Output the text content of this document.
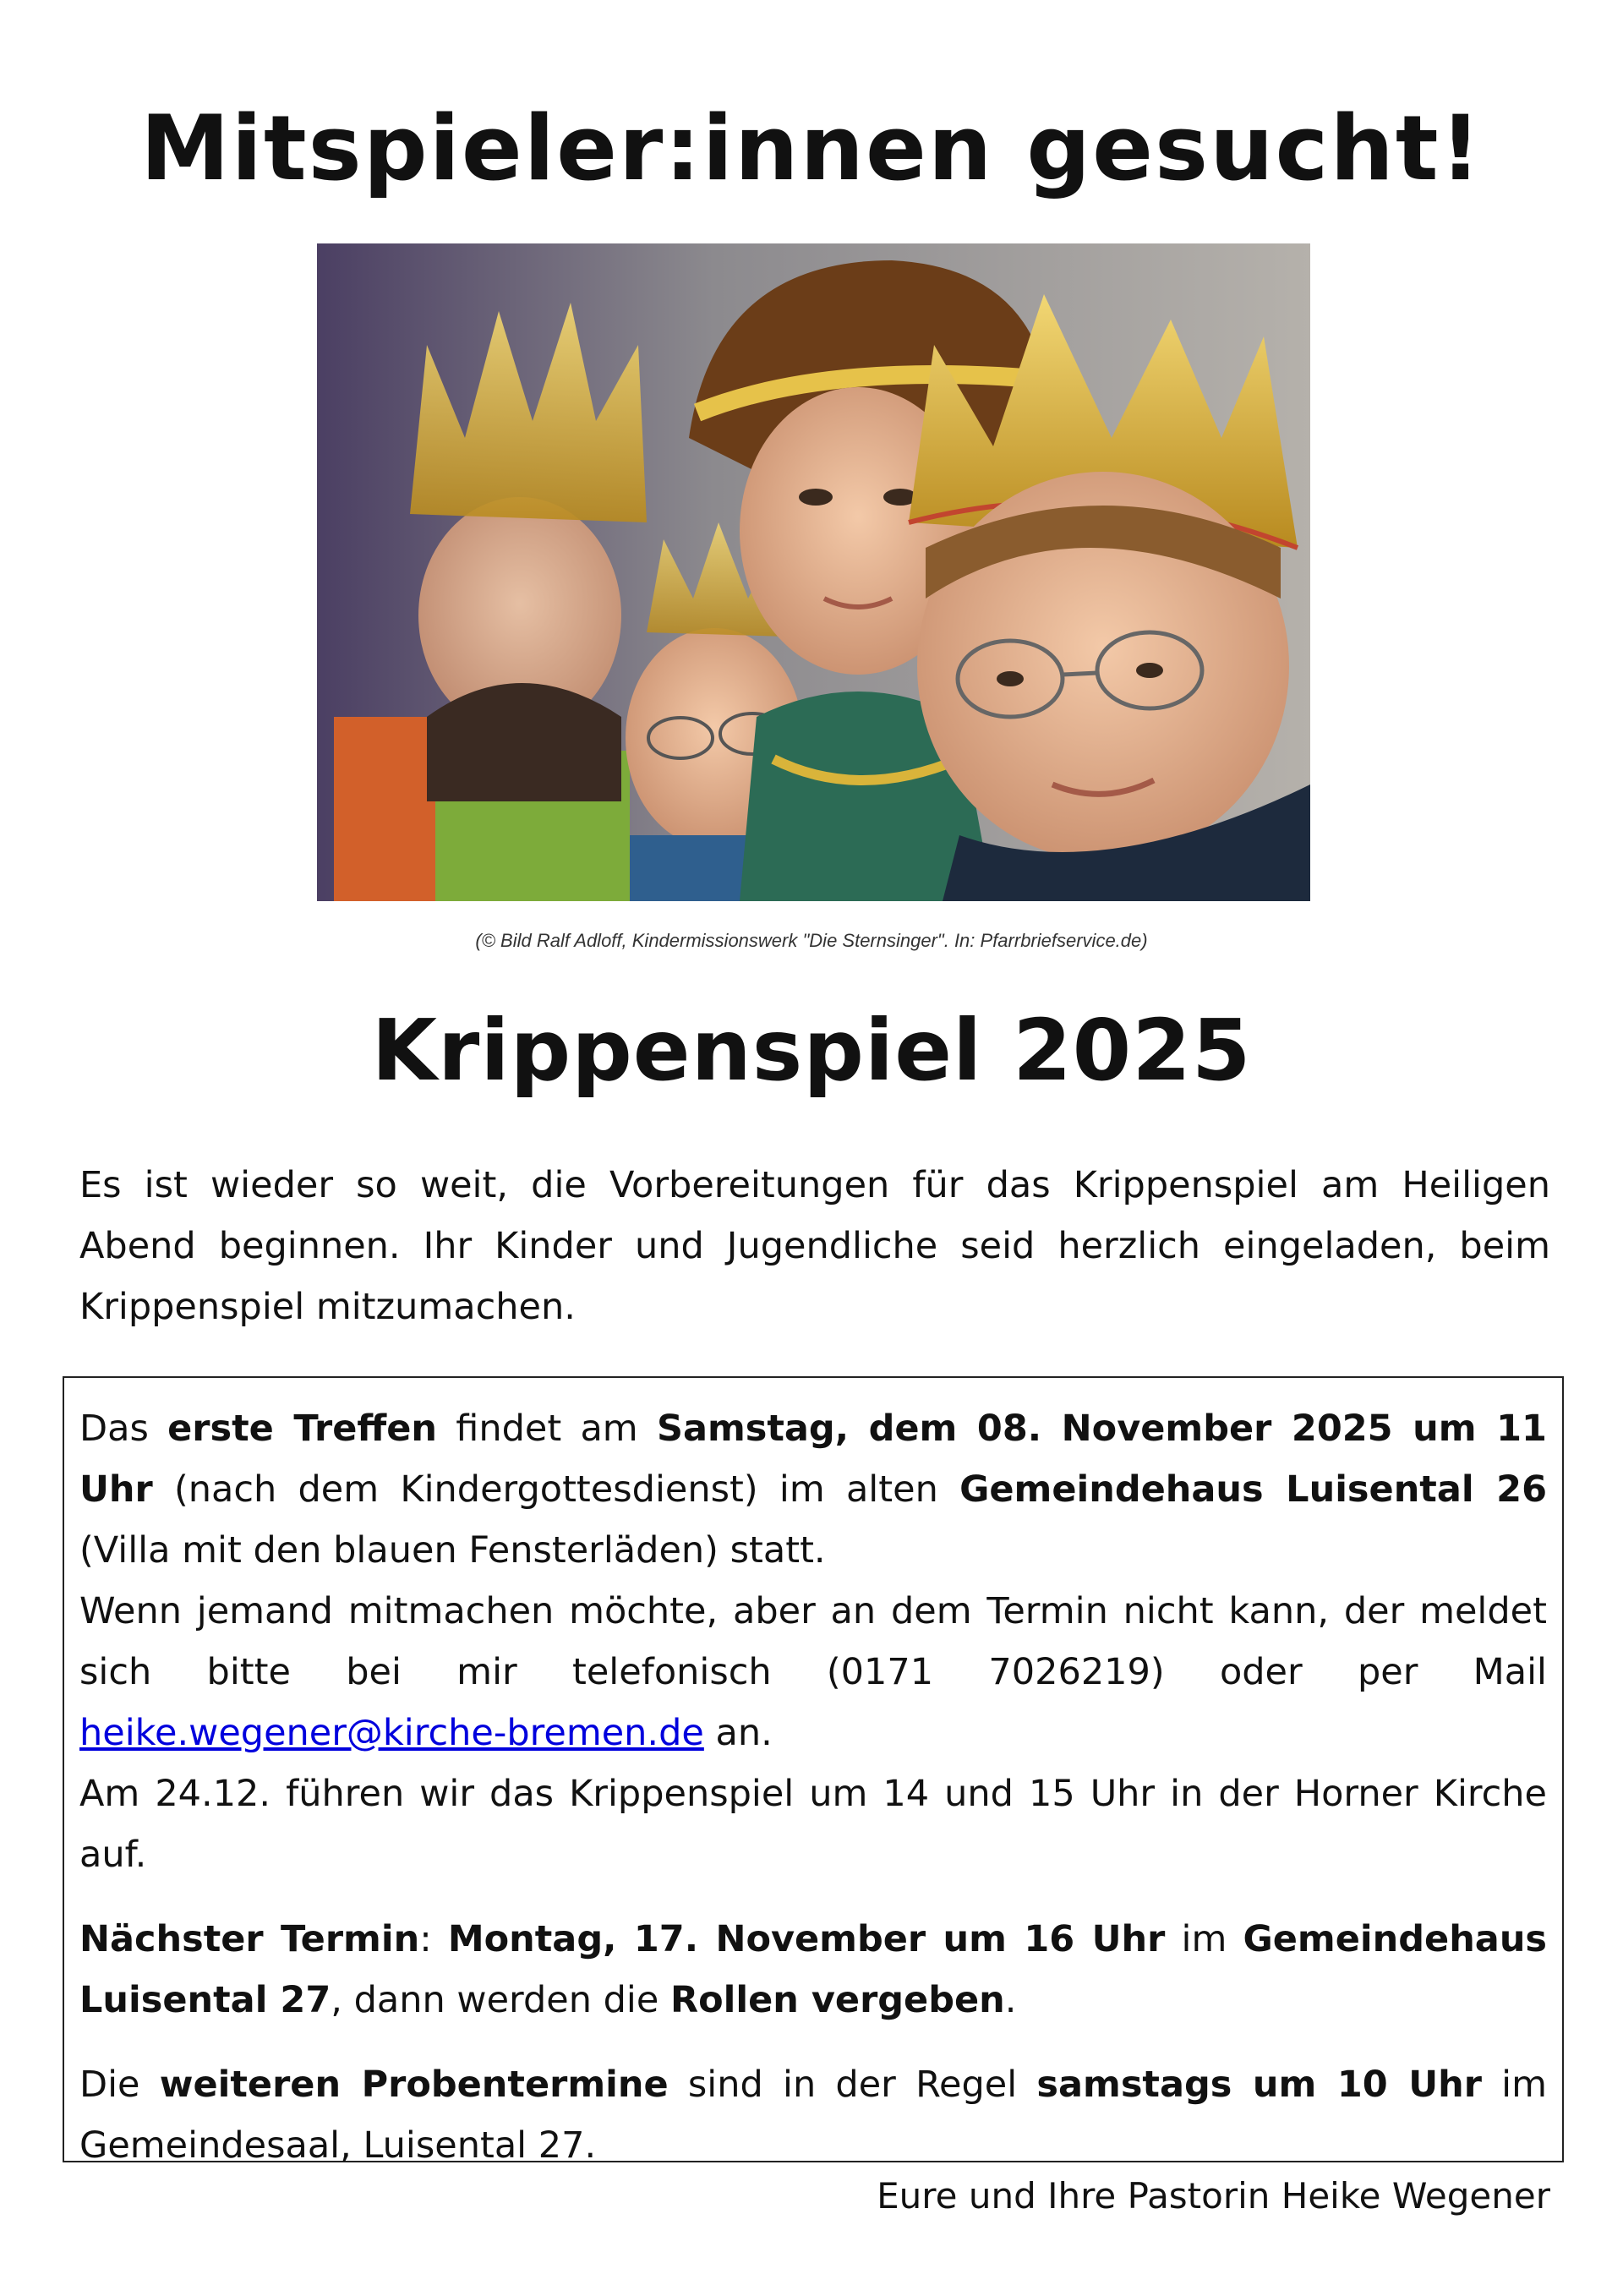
Mitspieler:innen gesucht!
(© Bild Ralf Adloff, Kindermissionswerk "Die Sternsinger". In: Pfarrbriefservice.de)
Krippenspiel 2025

Es ist wieder so weit, die Vorbereitungen für das Krippenspiel am Heiligen Abend beginnen. Ihr Kinder und Jugendliche seid herzlich eingeladen, beim Krippenspiel mitzumachen.

Das erste Treffen findet am Samstag, dem 08. November 2025 um 11 Uhr (nach dem Kindergottesdienst) im alten Gemeindehaus Luisental 26 (Villa mit den blauen Fensterläden) statt.

Wenn jemand mitmachen möchte, aber an dem Termin nicht kann, der meldet sich bitte bei mir telefonisch (0171 7026219) oder per Mail heike.wegener@kirche-bremen.de an.

Am 24.12. führen wir das Krippenspiel um 14 und 15 Uhr in der Horner Kirche auf.

Nächster Termin: Montag, 17. November um 16 Uhr im Gemeindehaus Luisental 27, dann werden die Rollen vergeben.

Die weiteren Probentermine sind in der Regel samstags um 10 Uhr im Gemeindesaal, Luisental 27.

Eure und Ihre Pastorin Heike Wegener
